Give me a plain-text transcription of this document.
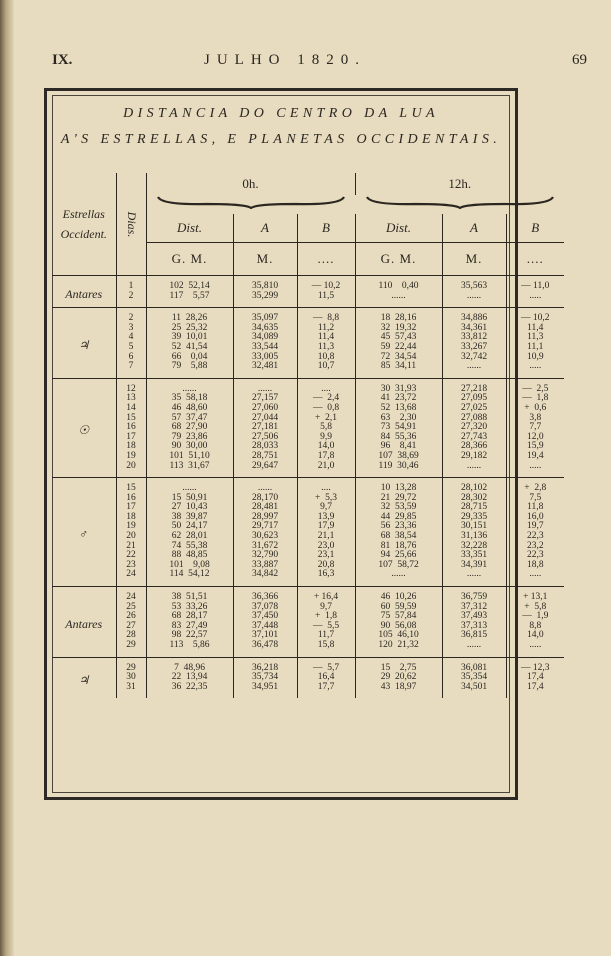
IX.	JULHO 1820.	69
DISTANCIA DO CENTRO DA LUA
A'S ESTRELLAS, E PLANETAS OCCIDENTAIS.
Estrellas
Occident.	Dias.	0h.			12h.		

		Dist.	A	B	Dist.	A	B
		G. M.	M.	....	G. M.	M.	....
Antares	1	102  52,14	35,810	— 10,2	110    0,40	35,563	— 11,0
	2	117    5,57	35,299	11,5	......	......	.....
♃	2	11  28,26	35,097	—  8,8	18  28,16	34,886	— 10,2
	3	25  25,32	34,635	11,2	32  19,32	34,361	11,4
	4	39  10,01	34,089	11,4	45  57,43	33,812	11,3
	5	52  41,54	33,544	11,3	59  22,44	33,267	11,1
	6	66    0,04	33,005	10,8	72  34,54	32,742	10,9
	7	79    5,88	32,481	10,7	85  34,11	......	.....
☉	12	......	......	....	30  31,93	27,218	—  2,5
	13	35  58,18	27,157	—  2,4	41  23,72	27,095	—  1,8
	14	46  48,60	27,060	—  0,8	52  13,68	27,025	+  0,6
	15	57  37,47	27,044	+  2,1	63    2,30	27,088	3,8
	16	68  27,90	27,181	5,8	73  54,91	27,320	7,7
	17	79  23,86	27,506	9,9	84  55,36	27,743	12,0
	18	90  30,00	28,033	14,0	96    8,41	28,366	15,9
	19	101  51,10	28,751	17,8	107  38,69	29,182	19,4
	20	113  31,67	29,647	21,0	119  30,46	......	.....
♂	15	......	......	....	10  13,28	28,102	+  2,8
	16	15  50,91	28,170	+  5,3	21  29,72	28,302	7,5
	17	27  10,43	28,481	9,7	32  53,59	28,715	11,8
	18	38  39,87	28,997	13,9	44  29,85	29,335	16,0
	19	50  24,17	29,717	17,9	56  23,36	30,151	19,7
	20	62  28,01	30,623	21,1	68  38,54	31,136	22,3
	21	74  55,38	31,672	23,0	81  18,76	32,228	23,2
	22	88  48,85	32,790	23,1	94  25,66	33,351	22,3
	23	101    9,08	33,887	20,8	107  58,72	34,391	18,8
	24	114  54,12	34,842	16,3	......	......	.....
Antares	24	38  51,51	36,366	+ 16,4	46  10,26	36,759	+ 13,1
	25	53  33,26	37,078	9,7	60  59,59	37,312	+  5,8
	26	68  28,17	37,450	+  1,8	75  57,84	37,493	—  1,9
	27	83  27,49	37,448	—  5,5	90  56,08	37,313	8,8
	28	98  22,57	37,101	11,7	105  46,10	36,815	14,0
	29	113    5,86	36,478	15,8	120  21,32	......	.....
♃	29	7  48,96	36,218	—  5,7	15    2,75	36,081	— 12,3
	30	22  13,94	35,734	16,4	29  20,62	35,354	17,4
	31	36  22,35	34,951	17,7	43  18,97	34,501	17,4
